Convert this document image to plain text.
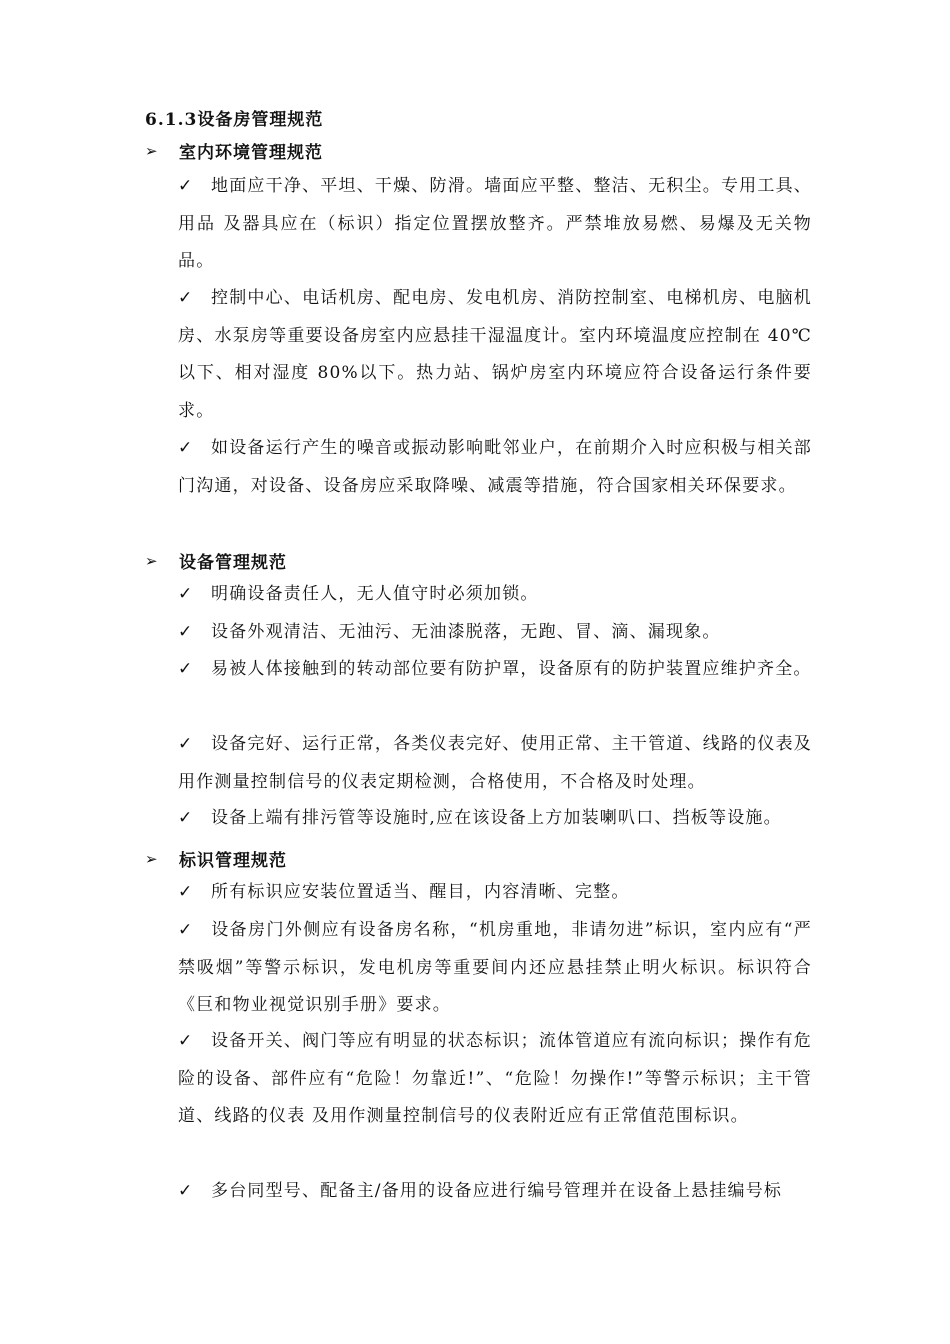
6.1.3设备房管理规范
➢	室内环境管理规范
✓ 地面应干净、平坦、干燥、防滑。墙面应平整、整洁、无积尘。专用工具、用品 及器具应在（标识）指定位置摆放整齐。严禁堆放易燃、易爆及无关物品。
✓ 控制中心、电话机房、配电房、发电机房、消防控制室、电梯机房、电脑机房、水泵房等重要设备房室内应悬挂干湿温度计。室内环境温度应控制在 40℃以下、相对湿度 80%以下。热力站、锅炉房室内环境应符合设备运行条件要求。
✓ 如设备运行产生的噪音或振动影响毗邻业户，在前期介入时应积极与相关部门沟通，对设备、设备房应采取降噪、减震等措施，符合国家相关环保要求。
➢	设备管理规范
✓ 明确设备责任人，无人值守时必须加锁。
✓ 设备外观清洁、无油污、无油漆脱落，无跑、冒、滴、漏现象。
✓ 易被人体接触到的转动部位要有防护罩，设备原有的防护装置应维护齐全。
✓ 设备完好、运行正常，各类仪表完好、使用正常、主干管道、线路的仪表及用作测量控制信号的仪表定期检测，合格使用，不合格及时处理。
✓ 设备上端有排污管等设施时,应在该设备上方加装喇叭口、挡板等设施。
➢	标识管理规范
✓ 所有标识应安装位置适当、醒目，内容清晰、完整。
✓ 设备房门外侧应有设备房名称，“机房重地，非请勿进”标识，室内应有“严禁吸烟”等警示标识，发电机房等重要间内还应悬挂禁止明火标识。标识符合《巨和物业视觉识别手册》要求。
✓ 设备开关、阀门等应有明显的状态标识；流体管道应有流向标识；操作有危险的设备、部件应有“危险！勿靠近!”、“危险！勿操作!”等警示标识；主干管道、线路的仪表 及用作测量控制信号的仪表附近应有正常值范围标识。
✓ 多台同型号、配备主/备用的设备应进行编号管理并在设备上悬挂编号标
